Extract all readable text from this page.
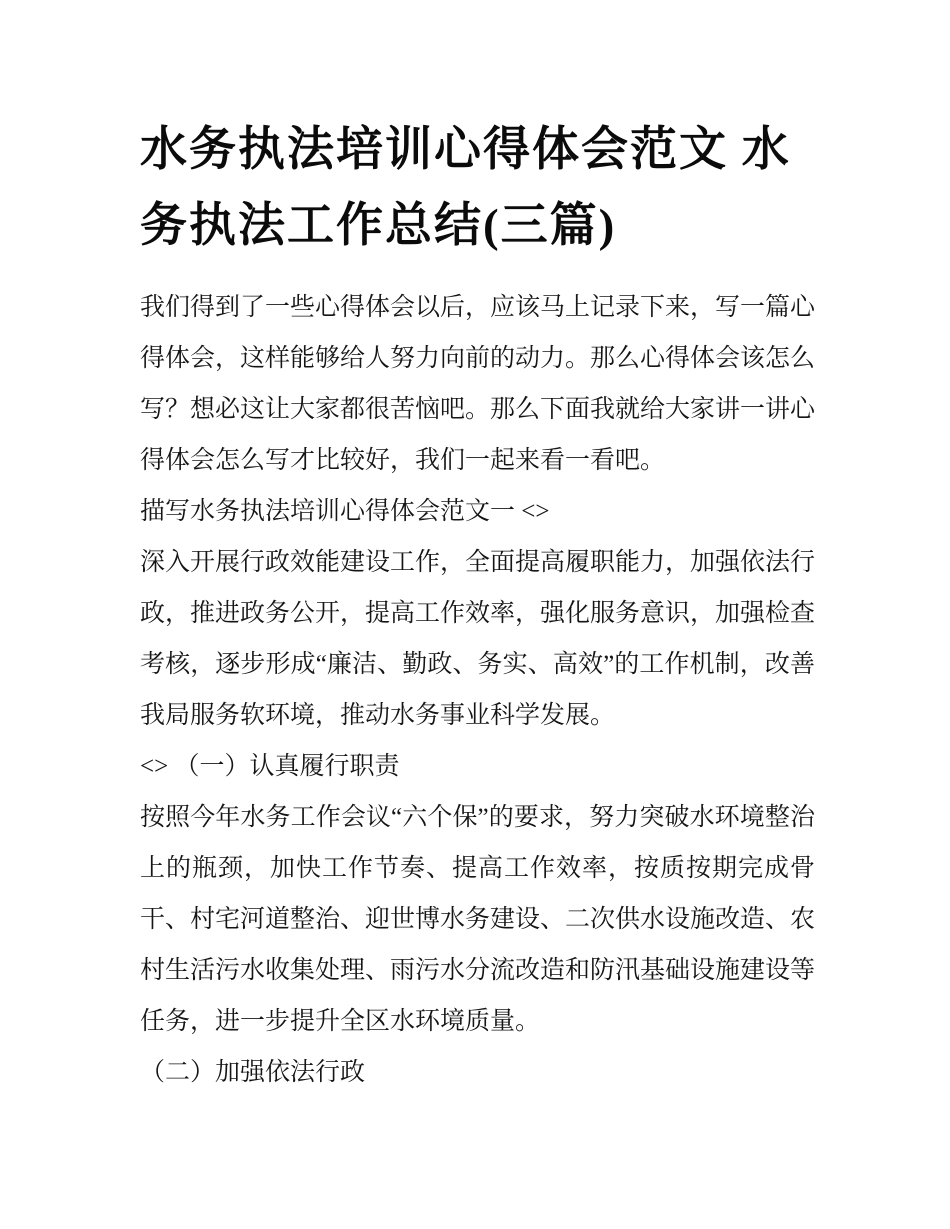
水务执法培训心得体会范文 水
务执法工作总结(三篇)

我们得到了一些心得体会以后，应该马上记录下来，写一篇心得体会，这样能够给人努力向前的动力。那么心得体会该怎么写？想必这让大家都很苦恼吧。那么下面我就给大家讲一讲心得体会怎么写才比较好，我们一起来看一看吧。

描写水务执法培训心得体会范文一 <>

深入开展行政效能建设工作，全面提高履职能力，加强依法行政，推进政务公开，提高工作效率，强化服务意识，加强检查考核，逐步形成“廉洁、勤政、务实、高效”的工作机制，改善我局服务软环境，推动水务事业科学发展。

<> （一）认真履行职责

按照今年水务工作会议“六个保”的要求，努力突破水环境整治上的瓶颈，加快工作节奏、提高工作效率，按质按期完成骨干、村宅河道整治、迎世博水务建设、二次供水设施改造、农村生活污水收集处理、雨污水分流改造和防汛基础设施建设等任务，进一步提升全区水环境质量。

（二）加强依法行政
